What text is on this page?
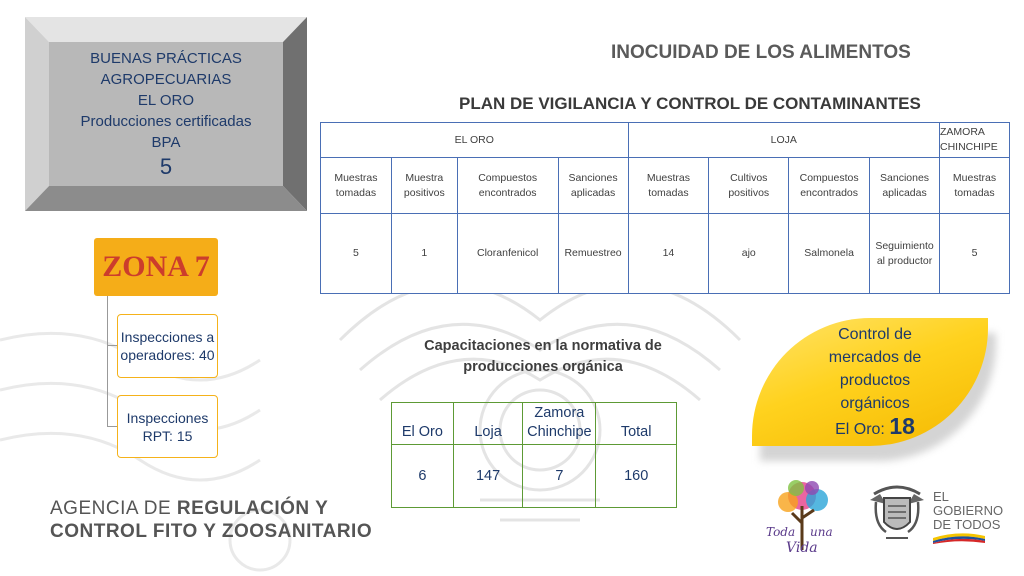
BUENAS PRÁCTICAS
AGROPECUARIAS
EL ORO
Producciones certificadas
BPA
5
INOCUIDAD DE LOS ALIMENTOS
PLAN DE VIGILANCIA Y CONTROL DE CONTAMINANTES
EL ORO				LOJA				ZAMORA CHINCHIPE
Muestras tomadas	Muestra positivos	Compuestos encontrados	Sanciones aplicadas	Muestras tomadas	Cultivos positivos	Compuestos encontrados	Sanciones aplicadas	Muestras tomadas
5	1	Cloranfenicol	Remuestreo	14	ajo	Salmonela	Seguimiento al productor	5
ZONA 7
Inspecciones a operadores: 40
Inspecciones RPT: 15
Capacitaciones en la normativa de producciones orgánica
El Oro	Loja	Zamora Chinchipe	Total
6	147	7	160
Control de
mercados de
productos
orgánicos
El Oro: 18
AGENCIA DE REGULACIÓN Y
CONTROL FITO Y ZOOSANITARIO	Toda una
Vida
EL
GOBIERNO
DE TODOS
